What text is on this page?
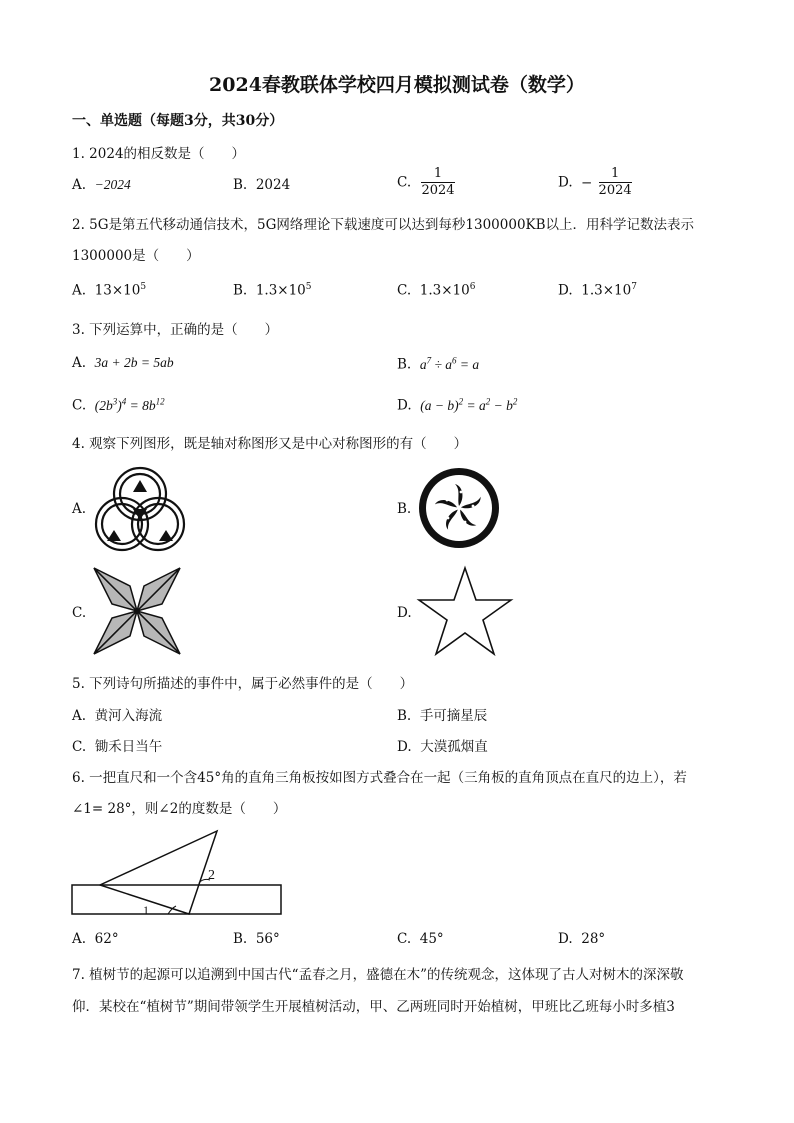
2024春教联体学校四月模拟测试卷（数学）
一、单选题（每题3分，共30分）
1. 2024的相反数是（　　）
A. −2024	B. 2024	C. $\frac{1}{2024}$	D. − $\frac{1}{2024}$
2. 5G是第五代移动通信技术，5G网络理论下载速度可以达到每秒1300000KB以上．用科学记数法表示
1300000是（　　）
A. $13\times 10^5$	B. $1.3\times 10^5$	C. $1.3\times 10^6$	D. $1.3\times 10^7$
3. 下列运算中，正确的是（　　）
A. 3a + 2b = 5ab	B. $a^7 \div a^6 = a$
C. $(2b^3)^4 = 8b^{12}$	D. $(a - b)^2 = a^2 - b^2$
4. 观察下列图形，既是轴对称图形又是中心对称图形的有（　　）
A.	B.
C.	D.
5. 下列诗句所描述的事件中，属于必然事件的是（　　）
A. 黄河入海流	B. 手可摘星辰
C. 锄禾日当午	D. 大漠孤烟直
6. 一把直尺和一个含45°角的直角三角板按如图方式叠合在一起（三角板的直角顶点在直尺的边上），若
∠1= 28°，则∠2的度数是（　　）
1
2
A. 62°	B. 56°	C. 45°	D. 28°
7. 植树节的起源可以追溯到中国古代“孟春之月，盛德在木”的传统观念，这体现了古人对树木的深深敬
仰．某校在“植树节”期间带领学生开展植树活动，甲、乙两班同时开始植树，甲班比乙班每小时多植3
